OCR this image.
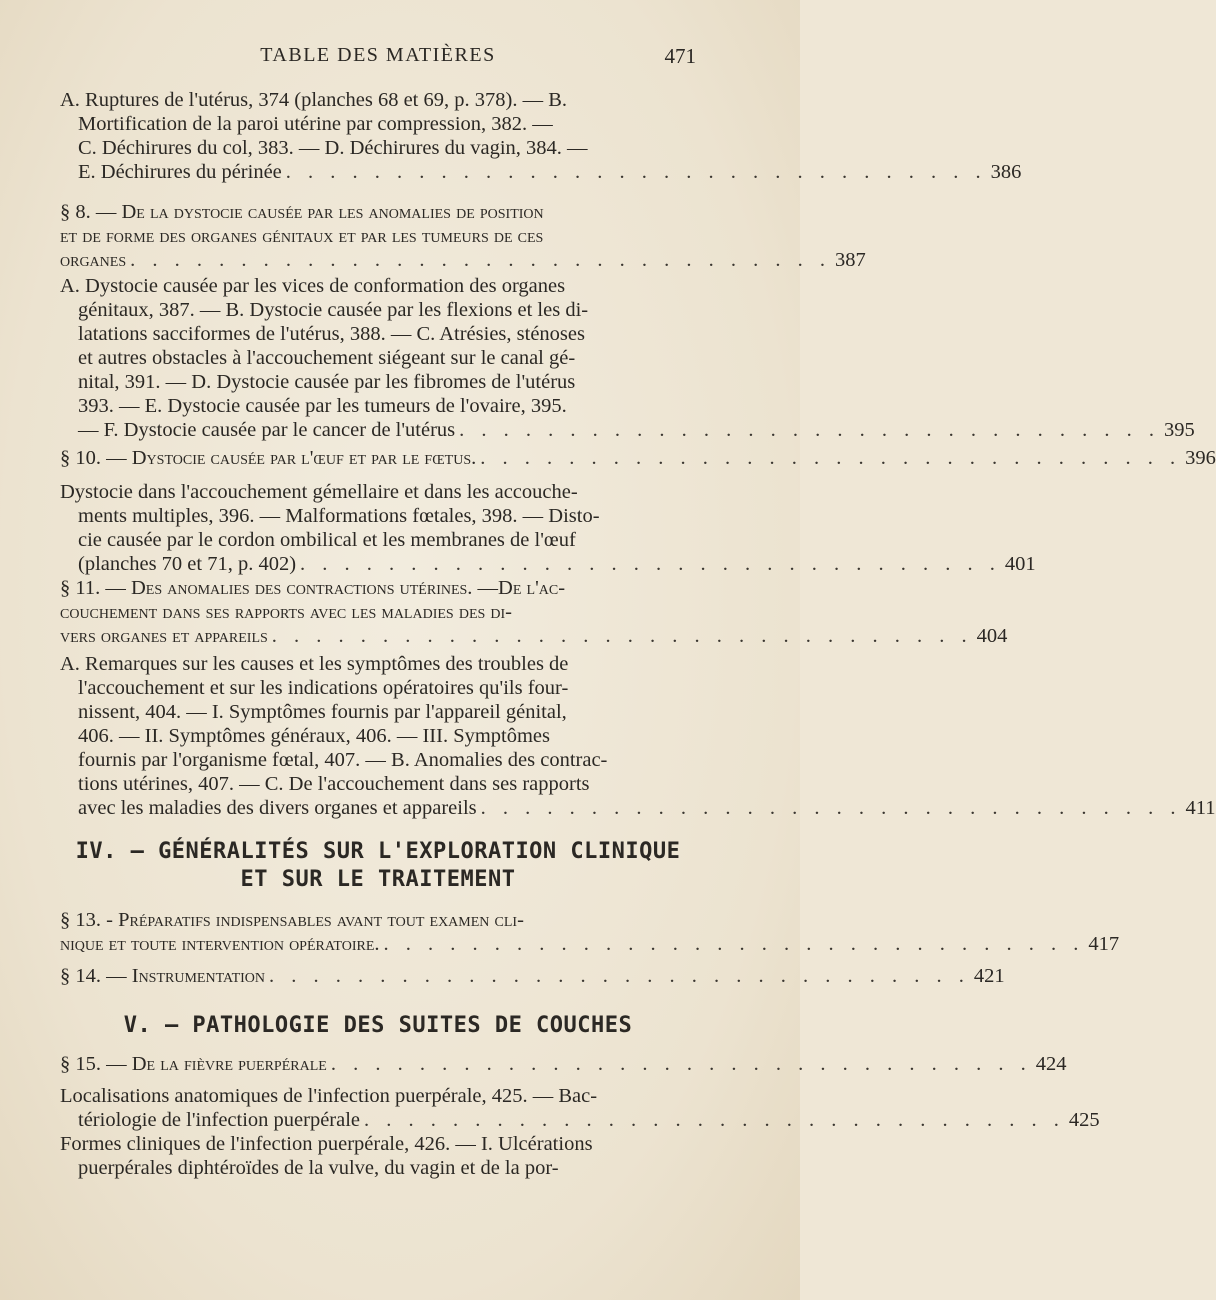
TABLE DES MATIÈRES	471
A. Ruptures de l'utérus, 374 (planches 68 et 69, p. 378). — B.
Mortification de la paroi utérine par compression, 382. —
C. Déchirures du col, 383. — D. Déchirures du vagin, 384. —
E. Déchirures du périnée . . . . . . . . . . . . . . . . . . . . . . . . . . . . . . . . 386
§ 8. — De la dystocie causée par les anomalies de position
et de forme des organes génitaux et par les tumeurs de ces
organes . . . . . . . . . . . . . . . . . . . . . . . . . . . . . . . . 387
A. Dystocie causée par les vices de conformation des organes
génitaux, 387. — B. Dystocie causée par les flexions et les di-
latations sacciformes de l'utérus, 388. — C. Atrésies, sténoses
et autres obstacles à l'accouchement siégeant sur le canal gé-
nital, 391. — D. Dystocie causée par les fibromes de l'utérus
393. — E. Dystocie causée par les tumeurs de l'ovaire, 395.
— F. Dystocie causée par le cancer de l'utérus . . . . . . . . . . . . . . . . . . . . . . . . . . . . . . . . 395
§ 10. — Dystocie causée par l'œuf et par le fœtus. . . . . . . . . . . . . . . . . . . . . . . . . . . . . . . . . 396
Dystocie dans l'accouchement gémellaire et dans les accouche-
ments multiples, 396. — Malformations fœtales, 398. — Disto-
cie causée par le cordon ombilical et les membranes de l'œuf
(planches 70 et 71, p. 402) . . . . . . . . . . . . . . . . . . . . . . . . . . . . . . . . 401
§ 11. — Des anomalies des contractions utérines. —De l'ac-
couchement dans ses rapports avec les maladies des di-
vers organes et appareils . . . . . . . . . . . . . . . . . . . . . . . . . . . . . . . . 404
A. Remarques sur les causes et les symptômes des troubles de
l'accouchement et sur les indications opératoires qu'ils four-
nissent, 404. — I. Symptômes fournis par l'appareil génital,
406. — II. Symptômes généraux, 406. — III. Symptômes
fournis par l'organisme fœtal, 407. — B. Anomalies des contrac-
tions utérines, 407. — C. De l'accouchement dans ses rapports
avec les maladies des divers organes et appareils . . . . . . . . . . . . . . . . . . . . . . . . . . . . . . . . 411
IV. — GÉNÉRALITÉS SUR L'EXPLORATION CLINIQUE
ET SUR LE TRAITEMENT
§ 13. - Préparatifs indispensables avant tout examen cli-
nique et toute intervention opératoire. . . . . . . . . . . . . . . . . . . . . . . . . . . . . . . . . 417
§ 14. — Instrumentation . . . . . . . . . . . . . . . . . . . . . . . . . . . . . . . . 421
V. — PATHOLOGIE DES SUITES DE COUCHES
§ 15. — De la fièvre puerpérale . . . . . . . . . . . . . . . . . . . . . . . . . . . . . . . . 424
Localisations anatomiques de l'infection puerpérale, 425. — Bac-
tériologie de l'infection puerpérale . . . . . . . . . . . . . . . . . . . . . . . . . . . . . . . . 425
Formes cliniques de l'infection puerpérale, 426. — I. Ulcérations
puerpérales diphtéroïdes de la vulve, du vagin et de la por-
